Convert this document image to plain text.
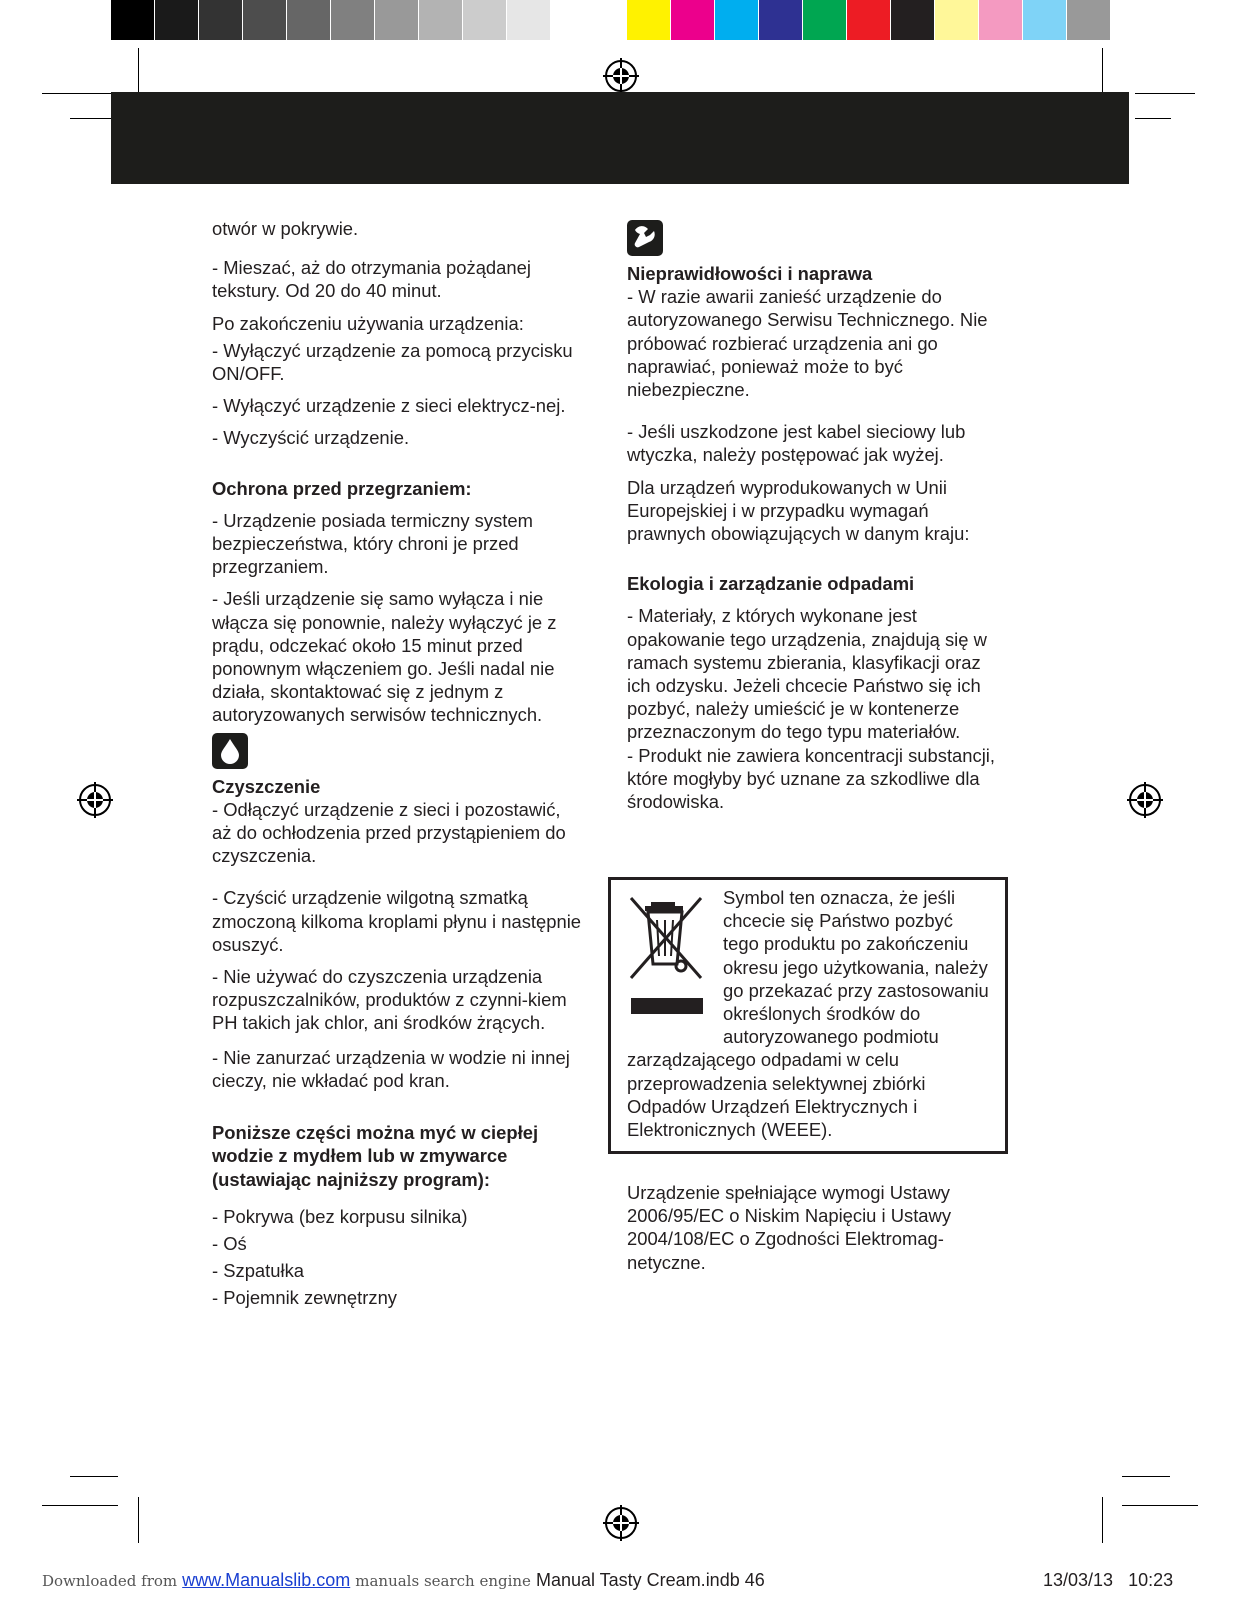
otwór w pokrywie.

- Mieszać, aż do otrzymania pożądanej tekstury. Od 20 do 40 minut.

Po zakończeniu używania urządzenia:

- Wyłączyć urządzenie za pomocą przycisku ON/OFF.

- Wyłączyć urządzenie z sieci elektrycz-nej.

- Wyczyścić urządzenie.

Ochrona przed przegrzaniem:

- Urządzenie posiada termiczny system bezpieczeństwa, który chroni je przed przegrzaniem.

- Jeśli urządzenie się samo wyłącza i nie włącza się ponownie, należy wyłączyć je z prądu, odczekać około 15 minut przed ponownym włączeniem go. Jeśli nadal nie działa, skontaktować się z jednym z autoryzowanych serwisów technicznych.

Czyszczenie

- Odłączyć urządzenie z sieci i pozostawić, aż do ochłodzenia przed przystąpieniem do czyszczenia.

- Czyścić urządzenie wilgotną szmatką zmoczoną kilkoma kroplami płynu i następnie osuszyć.

- Nie używać do czyszczenia urządzenia rozpuszczalników, produktów z czynni-kiem PH takich jak chlor, ani środków żrących.

- Nie zanurzać urządzenia w wodzie ni innej cieczy, nie wkładać pod kran.

Poniższe części można myć w ciepłej wodzie z mydłem lub w zmywarce (ustawiając najniższy program):

- Pokrywa (bez korpusu silnika)

- Oś

- Szpatułka

- Pojemnik zewnętrzny

Nieprawidłowości i naprawa

- W razie awarii zanieść urządzenie do autoryzowanego Serwisu Technicznego. Nie próbować rozbierać urządzenia ani go naprawiać, ponieważ może to być niebezpieczne.

- Jeśli uszkodzone jest kabel sieciowy lub wtyczka, należy postępować jak wyżej.

Dla urządzeń wyprodukowanych w Unii Europejskiej i w przypadku wymagań prawnych obowiązujących w danym kraju:

Ekologia i zarządzanie odpadami

- Materiały, z których wykonane jest opakowanie tego urządzenia, znajdują się w ramach systemu zbierania, klasyfikacji oraz ich odzysku. Jeżeli chcecie Państwo się ich pozbyć, należy umieścić je w kontenerze przeznaczonym do tego typu materiałów.

- Produkt nie zawiera koncentracji substancji, które mogłyby być uznane za szkodliwe dla środowiska.

Symbol ten oznacza, że jeśli chcecie się Państwo pozbyć tego produktu po zakończeniu okresu jego użytkowania, należy go przekazać przy zastosowaniu określonych środków do autoryzowanego podmiotu zarządzającego odpadami w celu przeprowadzenia selektywnej zbiórki Odpadów Urządzeń Elektrycznych i Elektronicznych (WEEE).

Urządzenie spełniające wymogi Ustawy 2006/95/EC o Niskim Napięciu i Ustawy 2004/108/EC o Zgodności Elektromag-netyczne.

Downloaded from www.Manualslib.com manuals search engine Manual Tasty Cream.indb 46	13/03/13 10:23
